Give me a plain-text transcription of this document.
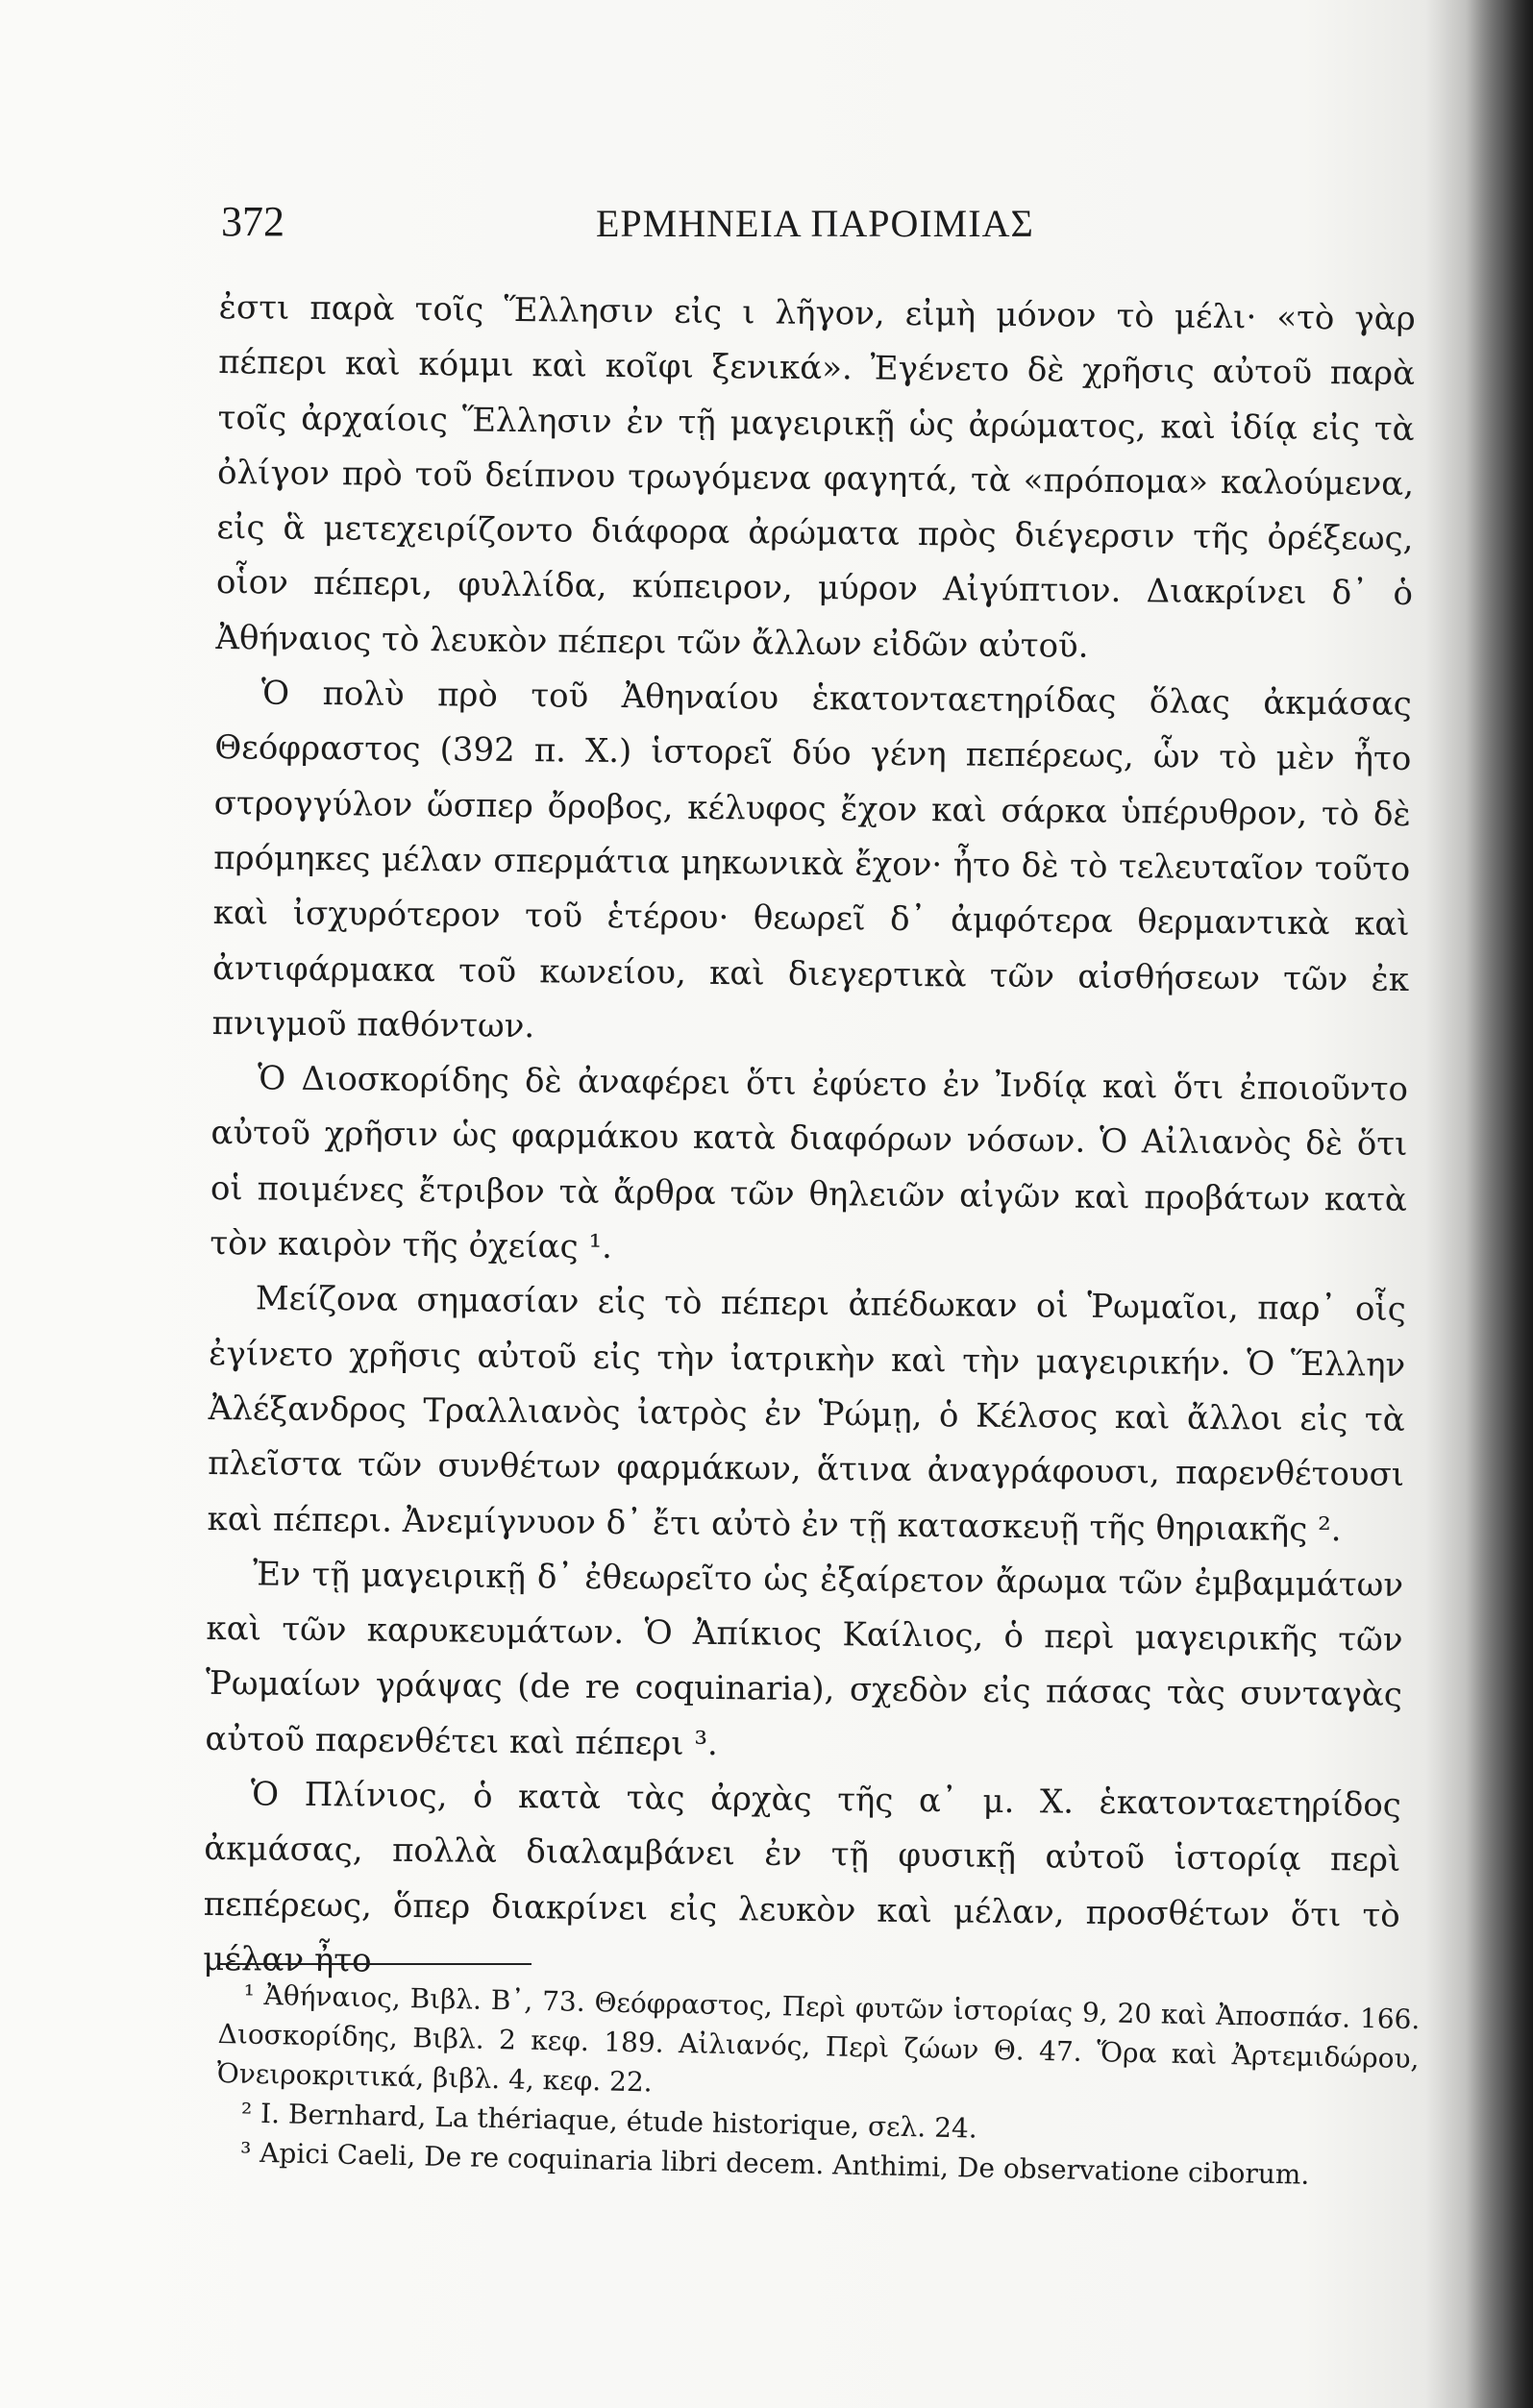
372	ΕΡΜΗΝΕΙΑ ΠΑΡΟΙΜΙΑΣ

ἐστι παρὰ τοῖς Ἕλλησιν εἰς ι λῆγον, εἰμὴ μόνον τὸ μέλι· «τὸ γὰρ πέπερι καὶ κόμμι καὶ κοῖφι ξενικά». Ἐγένετο δὲ χρῆσις αὐτοῦ παρὰ τοῖς ἀρχαίοις Ἕλλησιν ἐν τῇ μαγειρικῇ ὡς ἀρώματος, καὶ ἰδίᾳ εἰς τὰ ὀλίγον πρὸ τοῦ δείπνου τρωγόμενα φαγητά, τὰ «πρόπομα» καλούμενα, εἰς ἃ μετεχειρίζοντο διάφορα ἀρώματα πρὸς διέγερσιν τῆς ὀρέξεως, οἷον πέπερι, φυλλίδα, κύπειρον, μύρον Αἰγύπτιον. Διακρίνει δ᾽ ὁ Ἀθήναιος τὸ λευκὸν πέπερι τῶν ἄλλων εἰδῶν αὐτοῦ.

Ὁ πολὺ πρὸ τοῦ Ἀθηναίου ἑκατονταετηρίδας ὅλας ἀκμάσας Θεόφραστος (392 π. Χ.) ἱστορεῖ δύο γένη πεπέρεως, ὧν τὸ μὲν ἦτο στρογγύλον ὥσπερ ὄροβος, κέλυφος ἔχον καὶ σάρκα ὑπέρυθρον, τὸ δὲ πρόμηκες μέλαν σπερμάτια μηκωνικὰ ἔχον· ἦτο δὲ τὸ τελευταῖον τοῦτο καὶ ἰσχυρότερον τοῦ ἑτέρου· θεωρεῖ δ᾽ ἀμφότερα θερμαντικὰ καὶ ἀντιφάρμακα τοῦ κωνείου, καὶ διεγερτικὰ τῶν αἰσθήσεων τῶν ἐκ πνιγμοῦ παθόντων.

Ὁ Διοσκορίδης δὲ ἀναφέρει ὅτι ἐφύετο ἐν Ἰνδίᾳ καὶ ὅτι ἐποιοῦντο αὐτοῦ χρῆσιν ὡς φαρμάκου κατὰ διαφόρων νόσων. Ὁ Αἰλιανὸς δὲ ὅτι οἱ ποιμένες ἔτριβον τὰ ἄρθρα τῶν θηλειῶν αἰγῶν καὶ προβάτων κατὰ τὸν καιρὸν τῆς ὀχείας ¹.

Μείζονα σημασίαν εἰς τὸ πέπερι ἀπέδωκαν οἱ Ῥωμαῖοι, παρ᾽ οἷς ἐγίνετο χρῆσις αὐτοῦ εἰς τὴν ἰατρικὴν καὶ τὴν μαγειρικήν. Ὁ Ἕλλην Ἀλέξανδρος Τραλλιανὸς ἰατρὸς ἐν Ῥώμῃ, ὁ Κέλσος καὶ ἄλλοι εἰς τὰ πλεῖστα τῶν συνθέτων φαρμάκων, ἅτινα ἀναγράφουσι, παρενθέτουσι καὶ πέπερι. Ἀνεμίγνυον δ᾽ ἔτι αὐτὸ ἐν τῇ κατασκευῇ τῆς θηριακῆς ².

Ἐν τῇ μαγειρικῇ δ᾽ ἐθεωρεῖτο ὡς ἐξαίρετον ἄρωμα τῶν ἐμβαμμάτων καὶ τῶν καρυκευμάτων. Ὁ Ἀπίκιος Καίλιος, ὁ περὶ μαγειρικῆς τῶν Ῥωμαίων γράψας (de re coquinaria), σχεδὸν εἰς πάσας τὰς συνταγὰς αὐτοῦ παρενθέτει καὶ πέπερι ³.

Ὁ Πλίνιος, ὁ κατὰ τὰς ἀρχὰς τῆς α᾽ μ. Χ. ἑκατονταετηρίδος ἀκμάσας, πολλὰ διαλαμβάνει ἐν τῇ φυσικῇ αὐτοῦ ἱστορίᾳ περὶ πεπέρεως, ὅπερ διακρίνει εἰς λευκὸν καὶ μέλαν, προσθέτων ὅτι τὸ μέλαν ἦτο

¹ Ἀθήναιος, Βιβλ. Β᾽, 73. Θεόφραστος, Περὶ φυτῶν ἱστορίας 9, 20 καὶ Ἀποσπάσ. 166. Διοσκορίδης, Βιβλ. 2 κεφ. 189. Αἰλιανός, Περὶ ζώων Θ. 47. Ὅρα καὶ Ἀρτεμιδώρου, Ὀνειροκριτικά, βιβλ. 4, κεφ. 22.

² I. Bernhard, La thériaque, étude historique, σελ. 24.

³ Apici Caeli, De re coquinaria libri decem. Anthimi, De observatione ciborum.
